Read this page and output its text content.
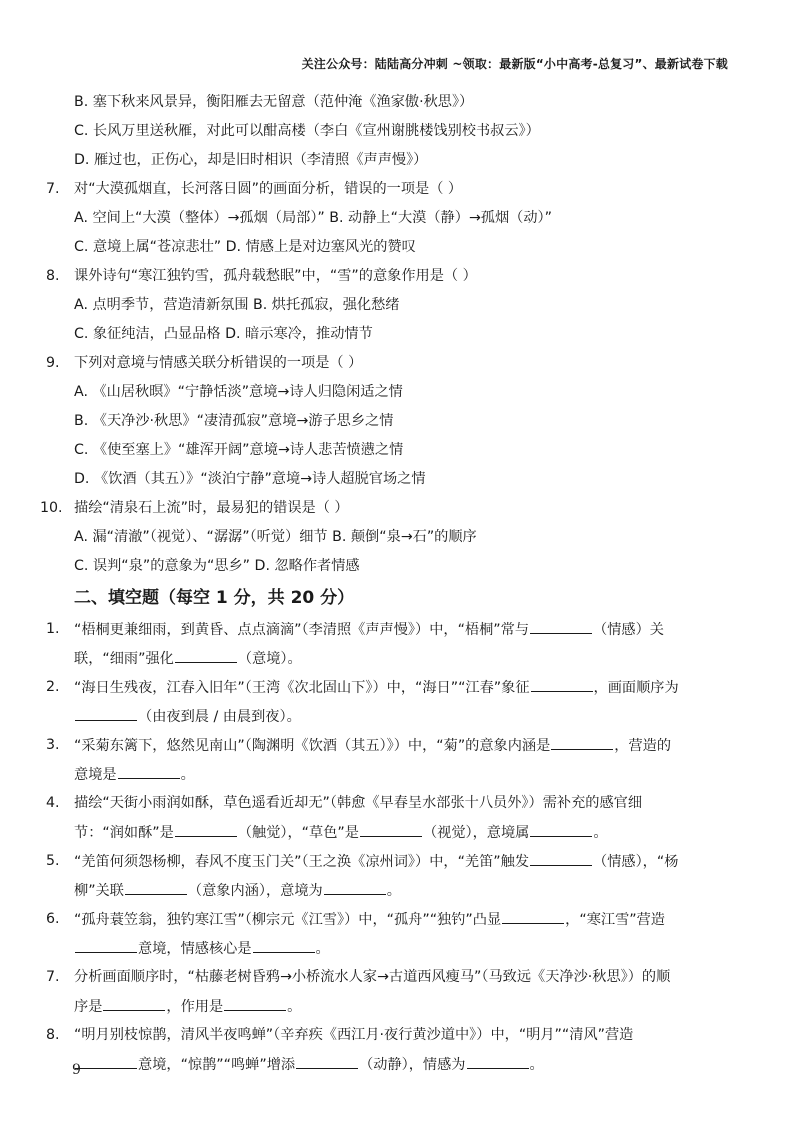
关注公众号：陆陆高分冲刺 ~领取：最新版“小中高考-总复习”、最新试卷下载
B. 塞下秋来风景异，衡阳雁去无留意（范仲淹《渔家傲·秋思》）
C. 长风万里送秋雁，对此可以酣高楼（李白《宣州谢朓楼饯别校书叔云》）
D. 雁过也，正伤心，却是旧时相识（李清照《声声慢》）
7. 对“大漠孤烟直，长河落日圆”的画面分析，错误的一项是（ ）
A. 空间上“大漠（整体）→孤烟（局部）” B. 动静上“大漠（静）→孤烟（动）”
C. 意境上属“苍凉悲壮” D. 情感上是对边塞风光的赞叹
8. 课外诗句“寒江独钓雪，孤舟载愁眠”中，“雪”的意象作用是（ ）
A. 点明季节，营造清新氛围 B. 烘托孤寂，强化愁绪
C. 象征纯洁，凸显品格 D. 暗示寒冷，推动情节
9. 下列对意境与情感关联分析错误的一项是（ ）
A. 《山居秋暝》“宁静恬淡”意境→诗人归隐闲适之情
B. 《天净沙·秋思》“凄清孤寂”意境→游子思乡之情
C. 《使至塞上》“雄浑开阔”意境→诗人悲苦愤懑之情
D. 《饮酒（其五）》“淡泊宁静”意境→诗人超脱官场之情
10. 描绘“清泉石上流”时，最易犯的错误是（ ）
A. 漏“清澈”（视觉）、“潺潺”（听觉）细节 B. 颠倒“泉→石”的顺序
C. 误判“泉”的意象为“思乡” D. 忽略作者情感
二、填空题（每空 1 分，共 20 分）
1. “梧桐更兼细雨，到黄昏、点点滴滴”（李清照《声声慢》）中，“梧桐”常与	（情感）关

联，“细雨”强化	（意境）。

2. “海日生残夜，江春入旧年”（王湾《次北固山下》）中，“海日”“江春”象征	，画面顺序为

（由夜到晨 / 由晨到夜）。

3. “采菊东篱下，悠然见南山”（陶渊明《饮酒（其五）》）中，“菊”的意象内涵是	，营造的

意境是	。

4. 描绘“天街小雨润如酥，草色遥看近却无”（韩愈《早春呈水部张十八员外》）需补充的感官细

节：“润如酥”是	（触觉），“草色”是	（视觉），意境属	。

5. “羌笛何须怨杨柳，春风不度玉门关”（王之涣《凉州词》）中，“羌笛”触发	（情感），“杨

柳”关联	（意象内涵），意境为	。

6. “孤舟蓑笠翁，独钓寒江雪”（柳宗元《江雪》）中，“孤舟”“独钓”凸显	，“寒江雪”营造

意境，情感核心是	。

7. 分析画面顺序时，“枯藤老树昏鸦→小桥流水人家→古道西风瘦马”（马致远《天净沙·秋思》）的顺

序是	，作用是	。

8. “明月别枝惊鹊，清风半夜鸣蝉”（辛弃疾《西江月·夜行黄沙道中》）中，“明月”“清风”营造

意境，“惊鹊”“鸣蝉”增添	（动静），情感为	。

9
